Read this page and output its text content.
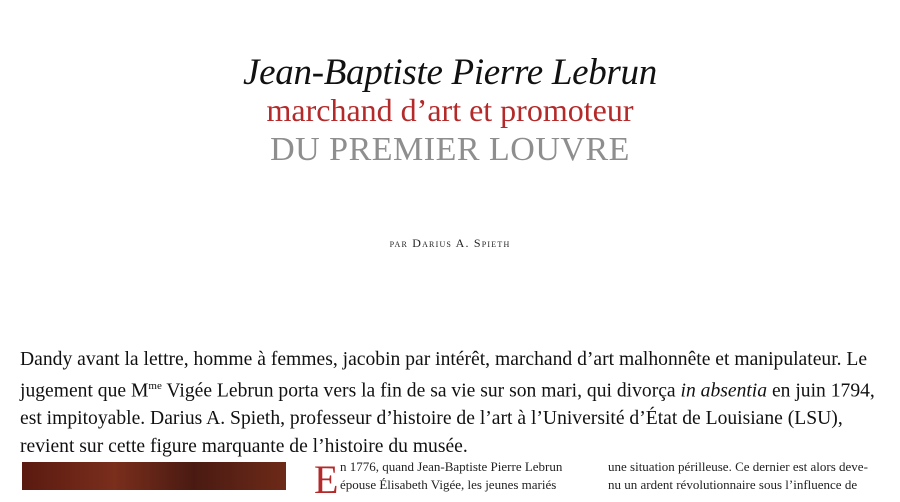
Jean-Baptiste Pierre Lebrun
marchand d’art et promoteur
DU PREMIER LOUVRE
par Darius A. Spieth

Dandy avant la lettre, homme à femmes, jacobin par intérêt, marchand d’art malhonnête et manipulateur. Le jugement que $M^{me}$ Vigée Lebrun porta vers la fin de sa vie sur son mari, qui divorça in absentia en juin 1794, est impitoyable. Darius A. Spieth, professeur d’histoire de l’art à l’Université d’État de Louisiane (LSU), revient sur cette figure marquante de l’histoire du musée.

E n 1776, quand Jean-Baptiste Pierre Lebrun
épouse Élisabeth Vigée, les jeunes mariés
une situation périlleuse. Ce dernier est alors deve-
nu un ardent révolutionnaire sous l’influence de
